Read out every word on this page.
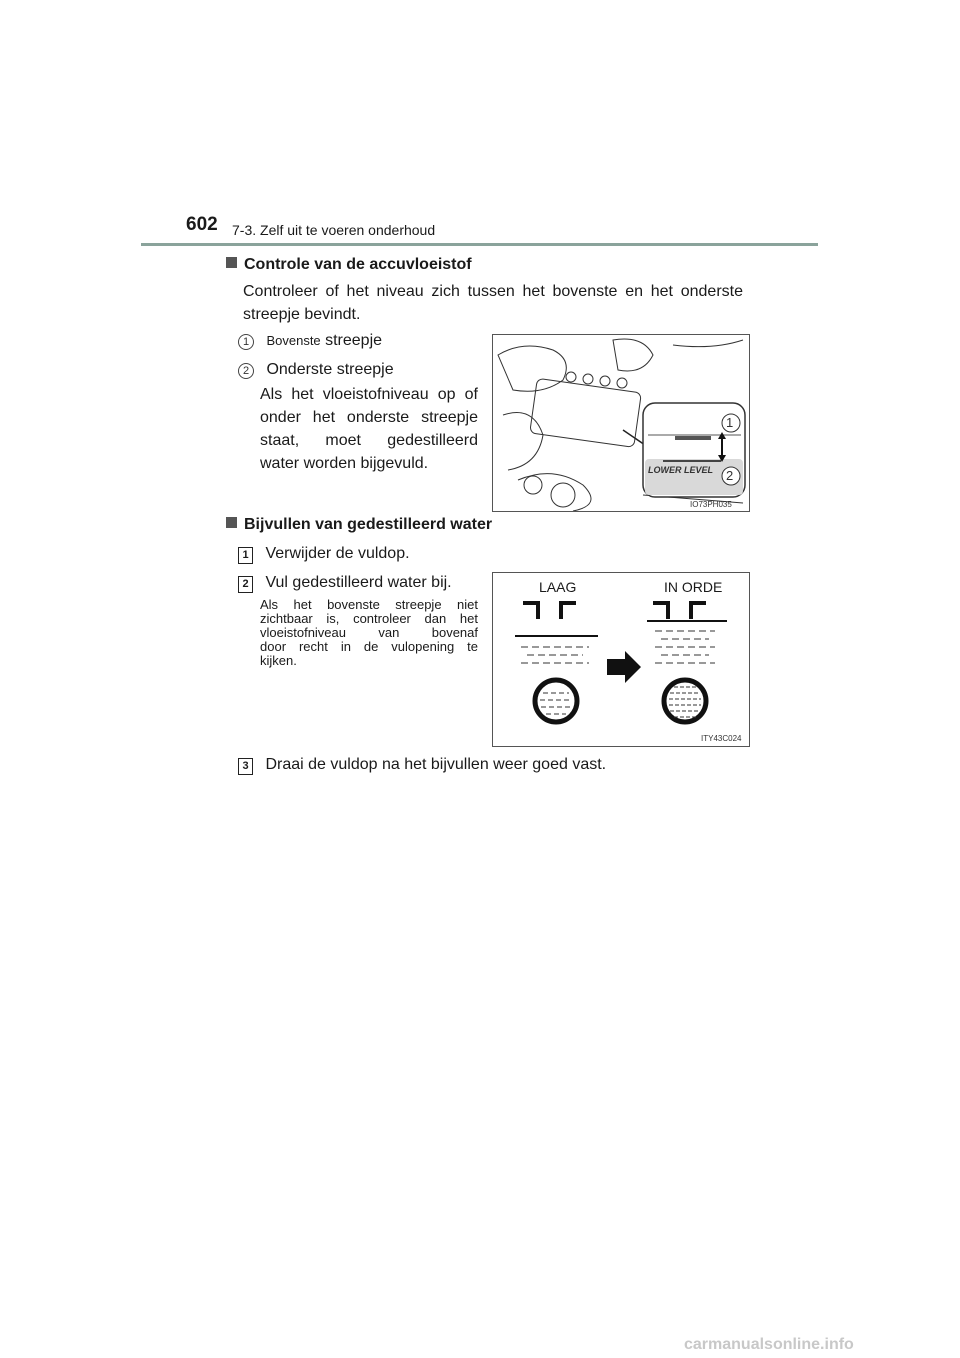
602 7-3. Zelf uit te voeren onderhoud
Controle van de accuvloeistof
Controleer of het niveau zich tussen het bovenste en het onderste
streepje bevindt.
1 Bovenste streepje
2 Onderste streepje
Als het vloeistofniveau op of
onder het onderste streepje
staat, moet gedestilleerd
water worden bijgevuld.	LOWER LEVEL
1
2
IO73PH035
Bijvullen van gedestilleerd water
1 Verwijder de vuldop.
2 Vul gedestilleerd water bij.
Als het bovenste streepje niet
zichtbaar is, controleer dan het
vloeistofniveau van bovenaf
door recht in de vulopening te
kijken.
LAAG	IN ORDE
ITY43C024
3 Draai de vuldop na het bijvullen weer goed vast.
carmanualsonline.info
